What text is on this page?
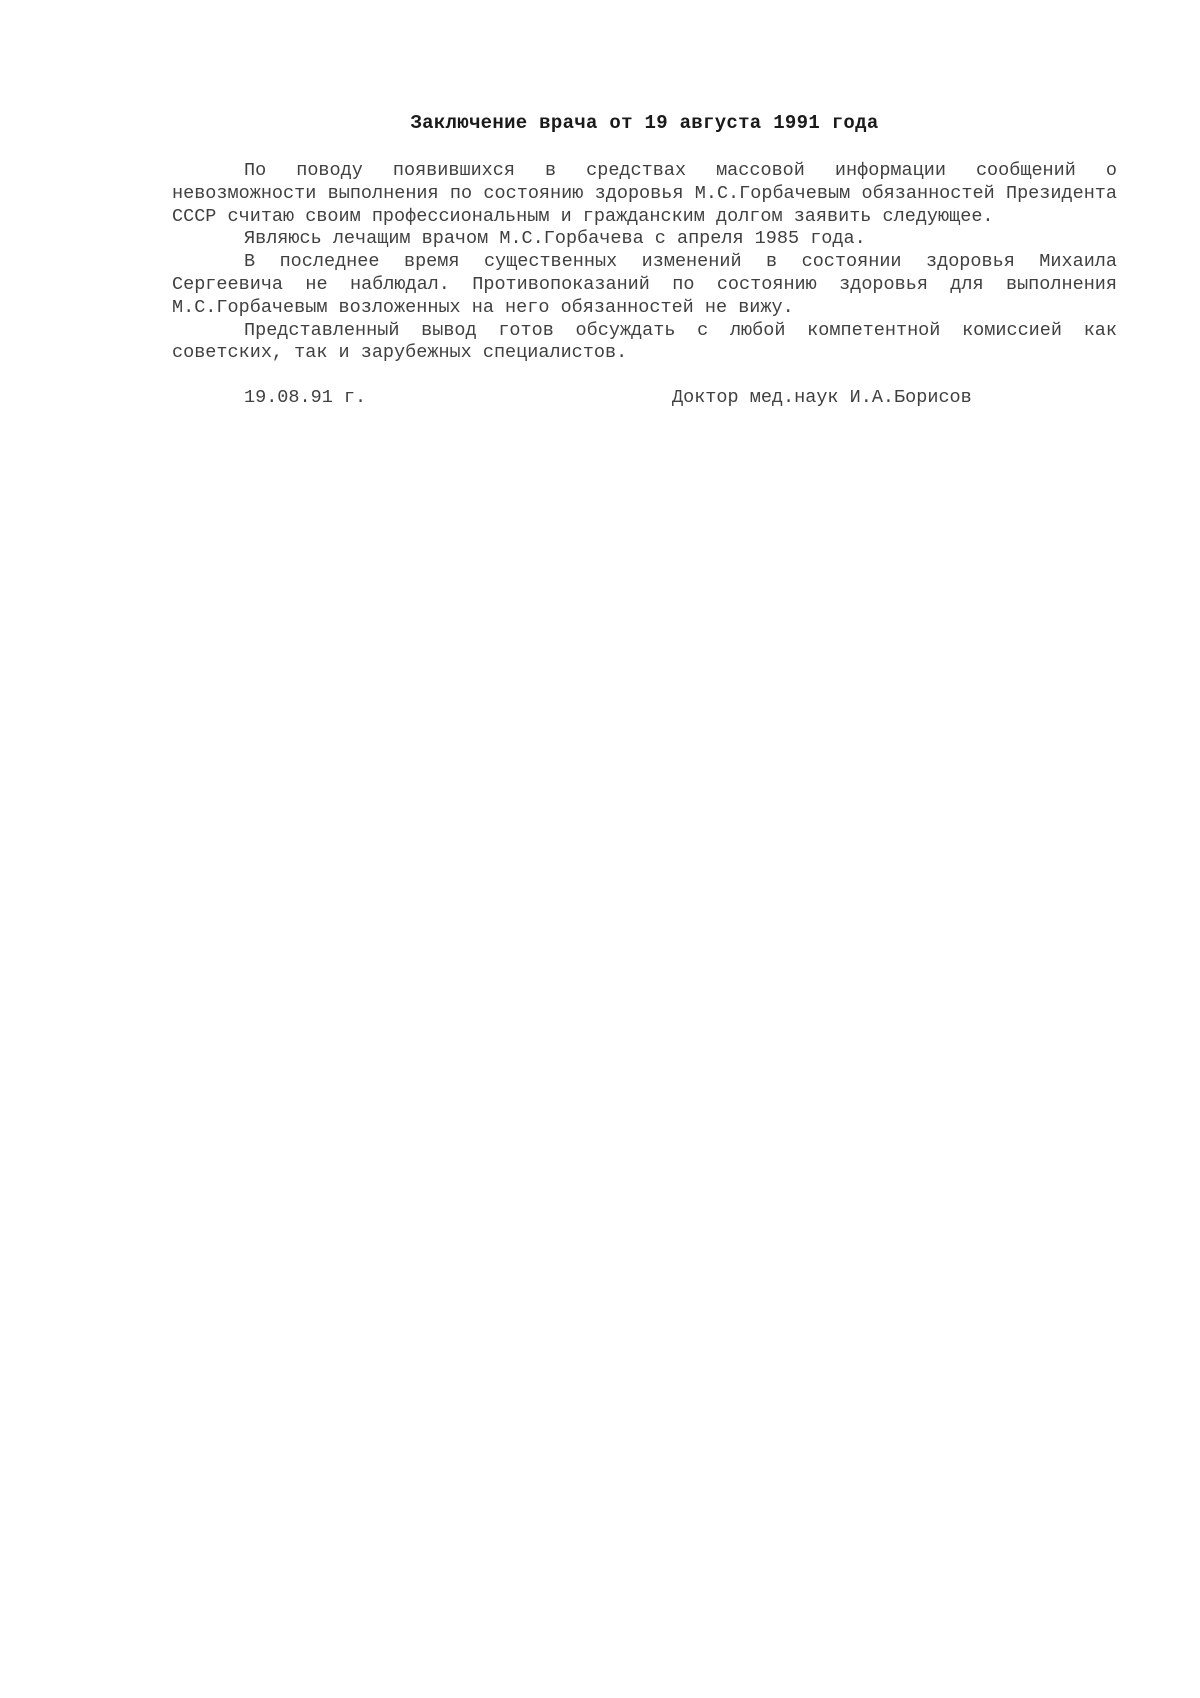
Заключение врача от 19 августа 1991 года

По поводу появившихся в средствах массовой информации сообщений о невозможности выполнения по состоянию здоровья М.С.Горбачевым обязанностей Президента СССР считаю своим профессиональным и гражданским долгом заявить следующее.

Являюсь лечащим врачом М.С.Горбачева с апреля 1985 года.

В последнее время существенных изменений в состоянии здоровья Михаила Сергеевича не наблюдал. Противопоказаний по состоянию здоровья для выполнения М.С.Горбачевым возложенных на него обязанностей не вижу.

Представленный вывод готов обсуждать с любой компетентной комиссией как советских, так и зарубежных специалистов.

19.08.91 г.	Доктор мед.наук И.А.Борисов
